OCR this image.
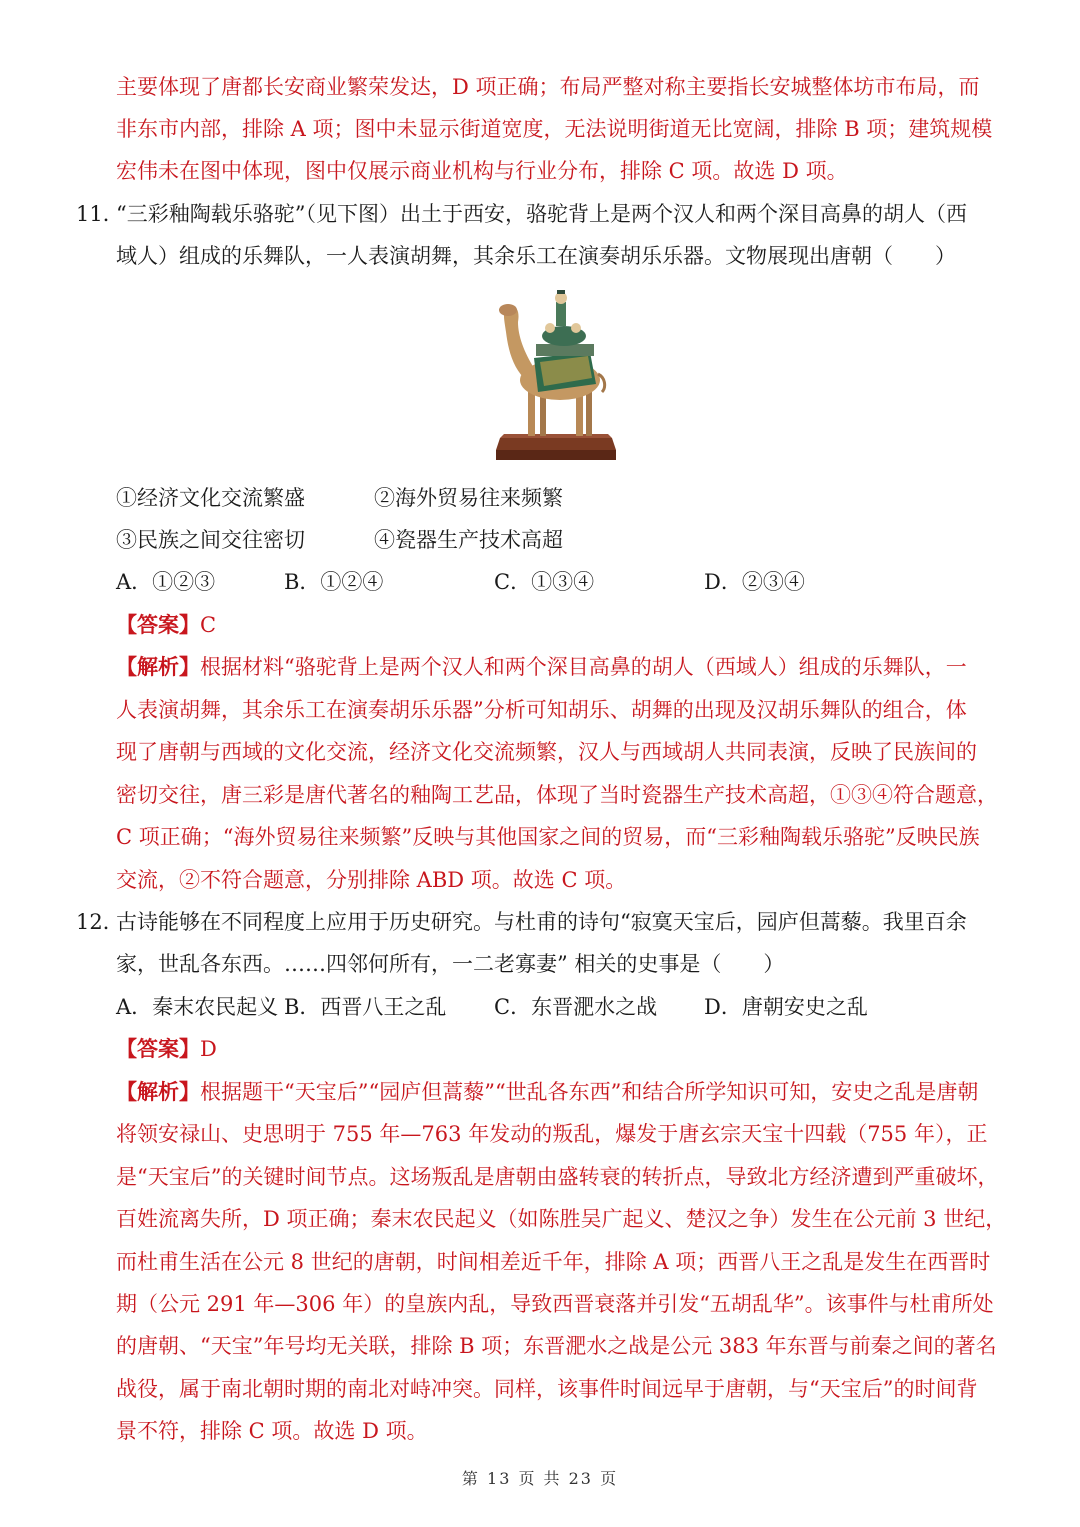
主要体现了唐都长安商业繁荣发达，D 项正确；布局严整对称主要指长安城整体坊市布局，而
非东市内部，排除 A 项；图中未显示街道宽度，无法说明街道无比宽阔，排除 B 项；建筑规模
宏伟未在图中体现，图中仅展示商业机构与行业分布，排除 C 项。故选 D 项。
11．
“三彩釉陶载乐骆驼”（见下图）出土于西安，骆驼背上是两个汉人和两个深目高鼻的胡人（西
域人）组成的乐舞队，一人表演胡舞，其余乐工在演奏胡乐乐器。文物展现出唐朝（　　）
①经济文化交流繁盛	②海外贸易往来频繁
③民族之间交往密切	④瓷器生产技术高超
A．①②③	B．①②④	C．①③④	D．②③④
【答案】C
【解析】根据材料“骆驼背上是两个汉人和两个深目高鼻的胡人（西域人）组成的乐舞队，一
人表演胡舞，其余乐工在演奏胡乐乐器”分析可知胡乐、胡舞的出现及汉胡乐舞队的组合，体
现了唐朝与西域的文化交流，经济文化交流频繁，汉人与西域胡人共同表演，反映了民族间的
密切交往，唐三彩是唐代著名的釉陶工艺品，体现了当时瓷器生产技术高超，①③④符合题意，
C 项正确；“海外贸易往来频繁”反映与其他国家之间的贸易，而“三彩釉陶载乐骆驼”反映民族
交流，②不符合题意，分别排除 ABD 项。故选 C 项。
12．
古诗能够在不同程度上应用于历史研究。与杜甫的诗句“寂寞天宝后，园庐但蒿藜。我里百余
家，世乱各东西。……四邻何所有，一二老寡妻” 相关的史事是（　　）
A．秦末农民起义 B．西晋八王之乱 C．东晋淝水之战 D．唐朝安史之乱
【答案】D
【解析】根据题干“天宝后”“园庐但蒿藜”“世乱各东西”和结合所学知识可知，安史之乱是唐朝
将领安禄山、史思明于 755 年—763 年发动的叛乱，爆发于唐玄宗天宝十四载（755 年），正
是“天宝后”的关键时间节点。这场叛乱是唐朝由盛转衰的转折点，导致北方经济遭到严重破坏，
百姓流离失所，D 项正确；秦末农民起义（如陈胜吴广起义、楚汉之争）发生在公元前 3 世纪，
而杜甫生活在公元 8 世纪的唐朝，时间相差近千年，排除 A 项；西晋八王之乱是发生在西晋时
期（公元 291 年—306 年）的皇族内乱，导致西晋衰落并引发“五胡乱华”。该事件与杜甫所处
的唐朝、“天宝”年号均无关联，排除 B 项；东晋淝水之战是公元 383 年东晋与前秦之间的著名
战役，属于南北朝时期的南北对峙冲突。同样，该事件时间远早于唐朝，与“天宝后”的时间背
景不符，排除 C 项。故选 D 项。
第 13 页 共 23 页
